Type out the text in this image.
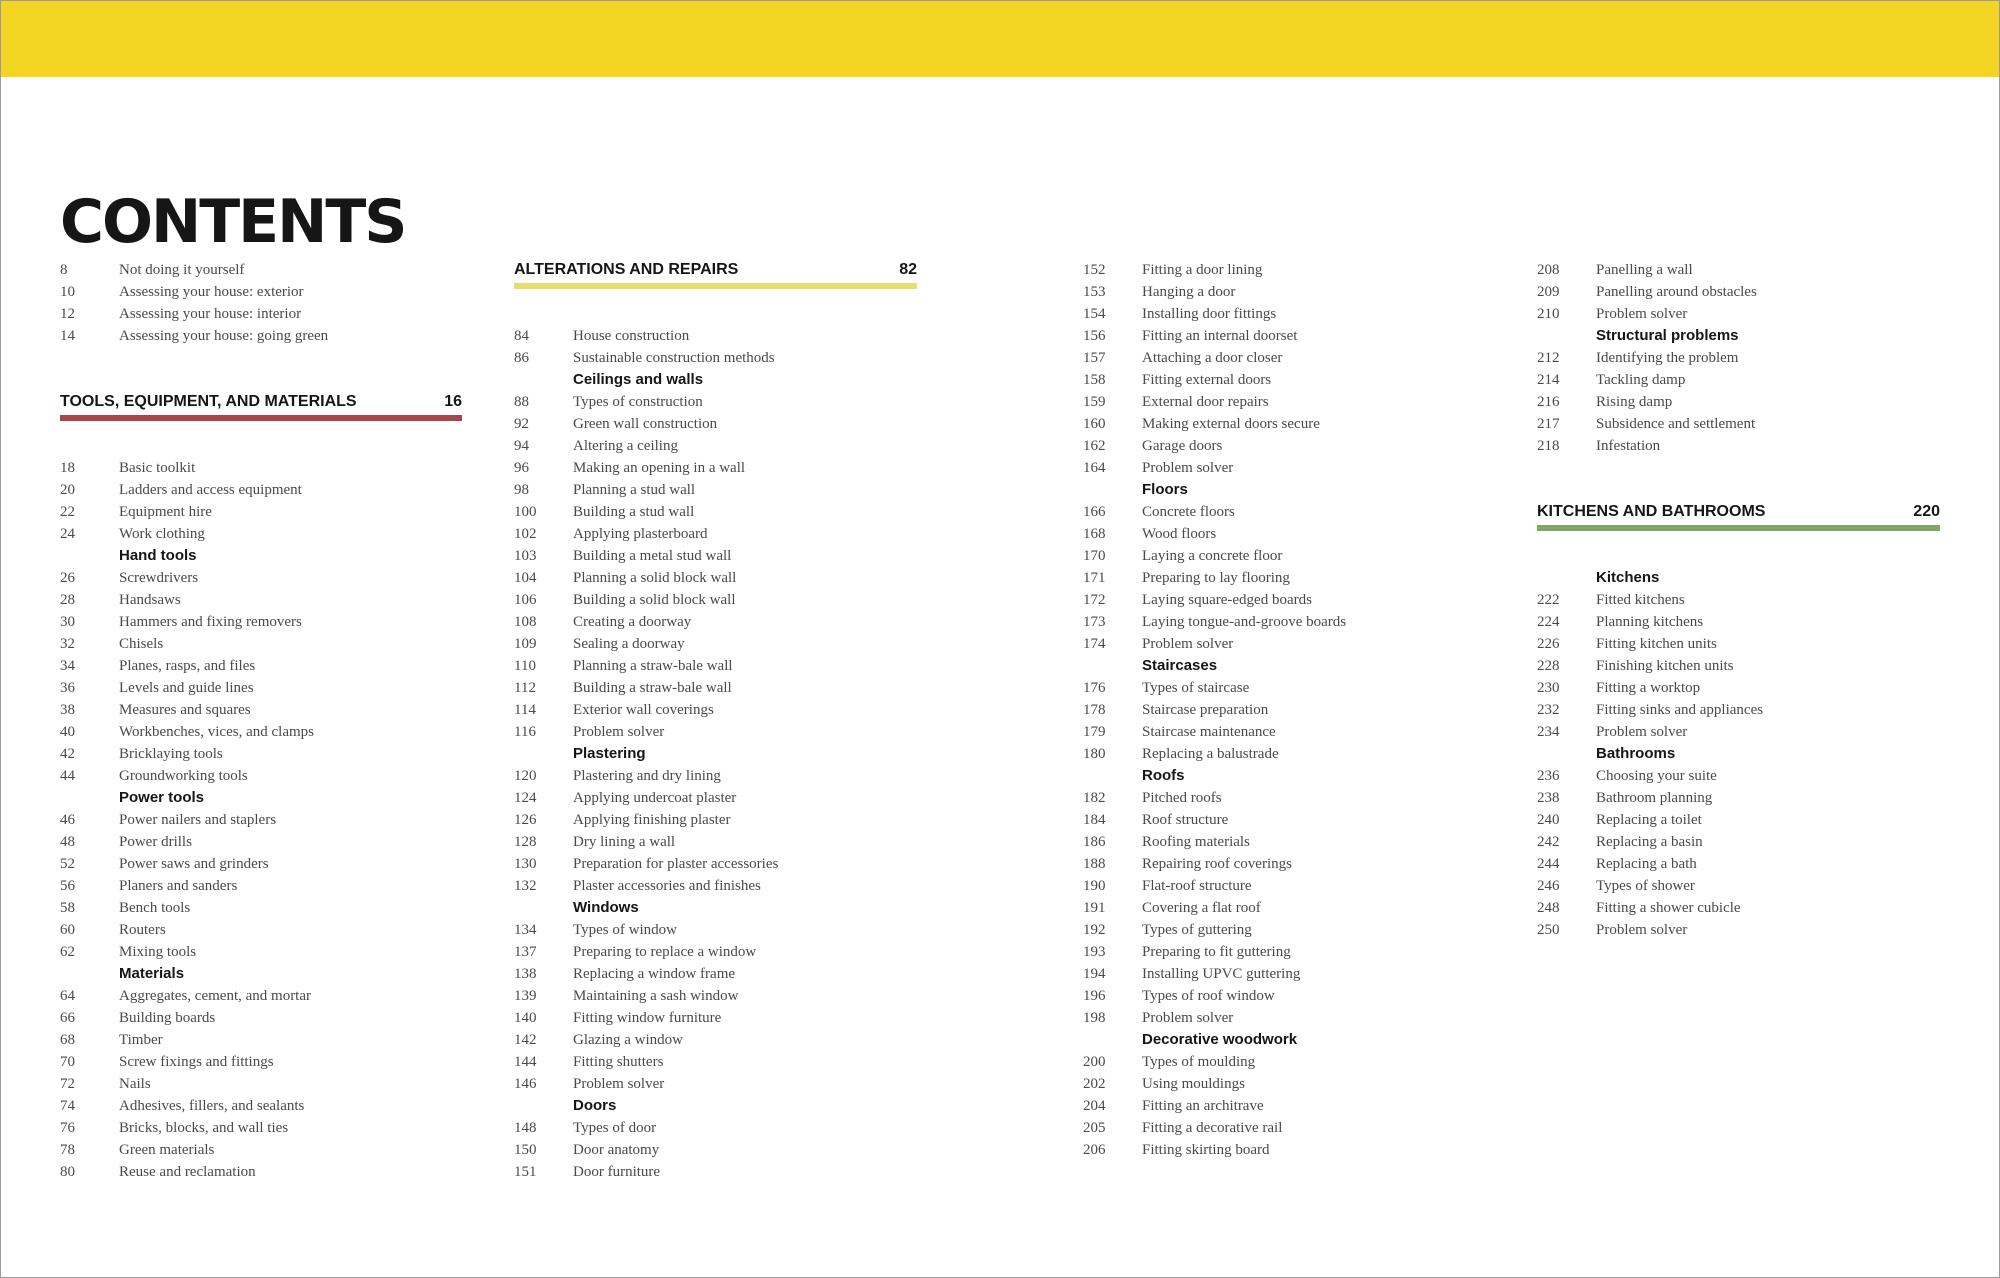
CONTENTS
8	Not doing it yourself
10	Assessing your house: exterior
12	Assessing your house: interior
14	Assessing your house: going green
TOOLS, EQUIPMENT, AND MATERIALS	16
18	Basic toolkit
20	Ladders and access equipment
22	Equipment hire
24	Work clothing
Hand tools
26	Screwdrivers
28	Handsaws
30	Hammers and fixing removers
32	Chisels
34	Planes, rasps, and files
36	Levels and guide lines
38	Measures and squares
40	Workbenches, vices, and clamps
42	Bricklaying tools
44	Groundworking tools
Power tools
46	Power nailers and staplers
48	Power drills
52	Power saws and grinders
56	Planers and sanders
58	Bench tools
60	Routers
62	Mixing tools
Materials
64	Aggregates, cement, and mortar
66	Building boards
68	Timber
70	Screw fixings and fittings
72	Nails
74	Adhesives, fillers, and sealants
76	Bricks, blocks, and wall ties
78	Green materials
80	Reuse and reclamation
ALTERATIONS AND REPAIRS	82
84	House construction
86	Sustainable construction methods
Ceilings and walls
88	Types of construction
92	Green wall construction
94	Altering a ceiling
96	Making an opening in a wall
98	Planning a stud wall
100	Building a stud wall
102	Applying plasterboard
103	Building a metal stud wall
104	Planning a solid block wall
106	Building a solid block wall
108	Creating a doorway
109	Sealing a doorway
110	Planning a straw-bale wall
112	Building a straw-bale wall
114	Exterior wall coverings
116	Problem solver
Plastering
120	Plastering and dry lining
124	Applying undercoat plaster
126	Applying finishing plaster
128	Dry lining a wall
130	Preparation for plaster accessories
132	Plaster accessories and finishes
Windows
134	Types of window
137	Preparing to replace a window
138	Replacing a window frame
139	Maintaining a sash window
140	Fitting window furniture
142	Glazing a window
144	Fitting shutters
146	Problem solver
Doors
148	Types of door
150	Door anatomy
151	Door furniture
152	Fitting a door lining
153	Hanging a door
154	Installing door fittings
156	Fitting an internal doorset
157	Attaching a door closer
158	Fitting external doors
159	External door repairs
160	Making external doors secure
162	Garage doors
164	Problem solver
Floors
166	Concrete floors
168	Wood floors
170	Laying a concrete floor
171	Preparing to lay flooring
172	Laying square-edged boards
173	Laying tongue-and-groove boards
174	Problem solver
Staircases
176	Types of staircase
178	Staircase preparation
179	Staircase maintenance
180	Replacing a balustrade
Roofs
182	Pitched roofs
184	Roof structure
186	Roofing materials
188	Repairing roof coverings
190	Flat-roof structure
191	Covering a flat roof
192	Types of guttering
193	Preparing to fit guttering
194	Installing UPVC guttering
196	Types of roof window
198	Problem solver
Decorative woodwork
200	Types of moulding
202	Using mouldings
204	Fitting an architrave
205	Fitting a decorative rail
206	Fitting skirting board
208	Panelling a wall
209	Panelling around obstacles
210	Problem solver
Structural problems
212	Identifying the problem
214	Tackling damp
216	Rising damp
217	Subsidence and settlement
218	Infestation
KITCHENS AND BATHROOMS	220
Kitchens
222	Fitted kitchens
224	Planning kitchens
226	Fitting kitchen units
228	Finishing kitchen units
230	Fitting a worktop
232	Fitting sinks and appliances
234	Problem solver
Bathrooms
236	Choosing your suite
238	Bathroom planning
240	Replacing a toilet
242	Replacing a basin
244	Replacing a bath
246	Types of shower
248	Fitting a shower cubicle
250	Problem solver
